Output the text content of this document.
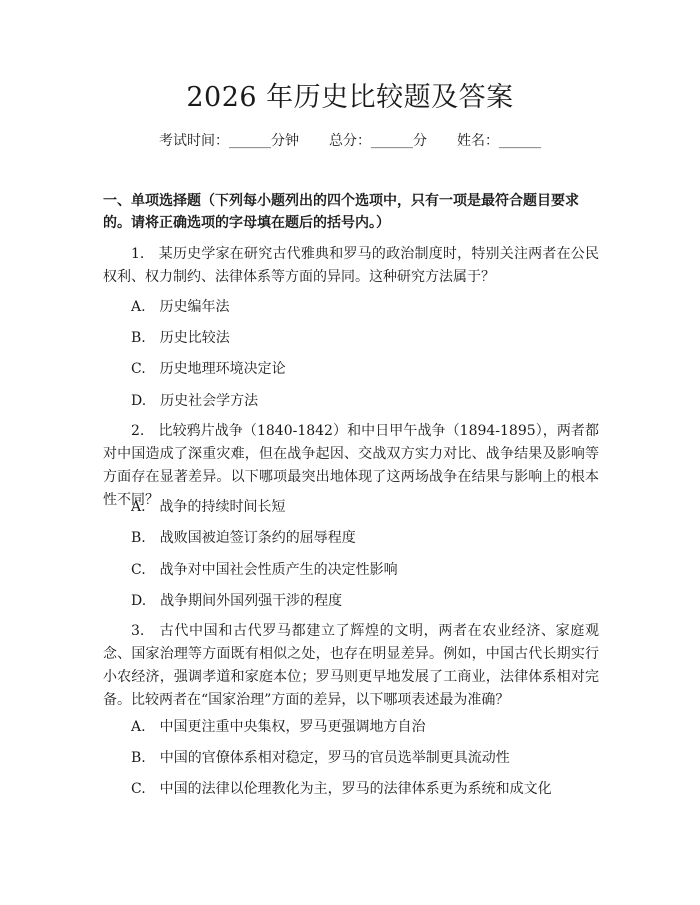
2026 年历史比较题及答案
考试时间：______分钟 总分：______分 姓名：______
一、单项选择题（下列每小题列出的四个选项中，只有一项是最符合题目要求的。请将正确选项的字母填在题后的括号内。）
1.　某历史学家在研究古代雅典和罗马的政治制度时，特别关注两者在公民权利、权力制约、法律体系等方面的异同。这种研究方法属于？
A.　历史编年法
B.　历史比较法
C.　历史地理环境决定论
D.　历史社会学方法
2.　比较鸦片战争（1840-1842）和中日甲午战争（1894-1895），两者都对中国造成了深重灾难，但在战争起因、交战双方实力对比、战争结果及影响等方面存在显著差异。以下哪项最突出地体现了这两场战争在结果与影响上的根本性不同？
A.　战争的持续时间长短
B.　战败国被迫签订条约的屈辱程度
C.　战争对中国社会性质产生的决定性影响
D.　战争期间外国列强干涉的程度
3.　古代中国和古代罗马都建立了辉煌的文明，两者在农业经济、家庭观念、国家治理等方面既有相似之处，也存在明显差异。例如，中国古代长期实行小农经济，强调孝道和家庭本位；罗马则更早地发展了工商业，法律体系相对完备。比较两者在“国家治理”方面的差异，以下哪项表述最为准确？
A.　中国更注重中央集权，罗马更强调地方自治
B.　中国的官僚体系相对稳定，罗马的官员选举制更具流动性
C.　中国的法律以伦理教化为主，罗马的法律体系更为系统和成文化
